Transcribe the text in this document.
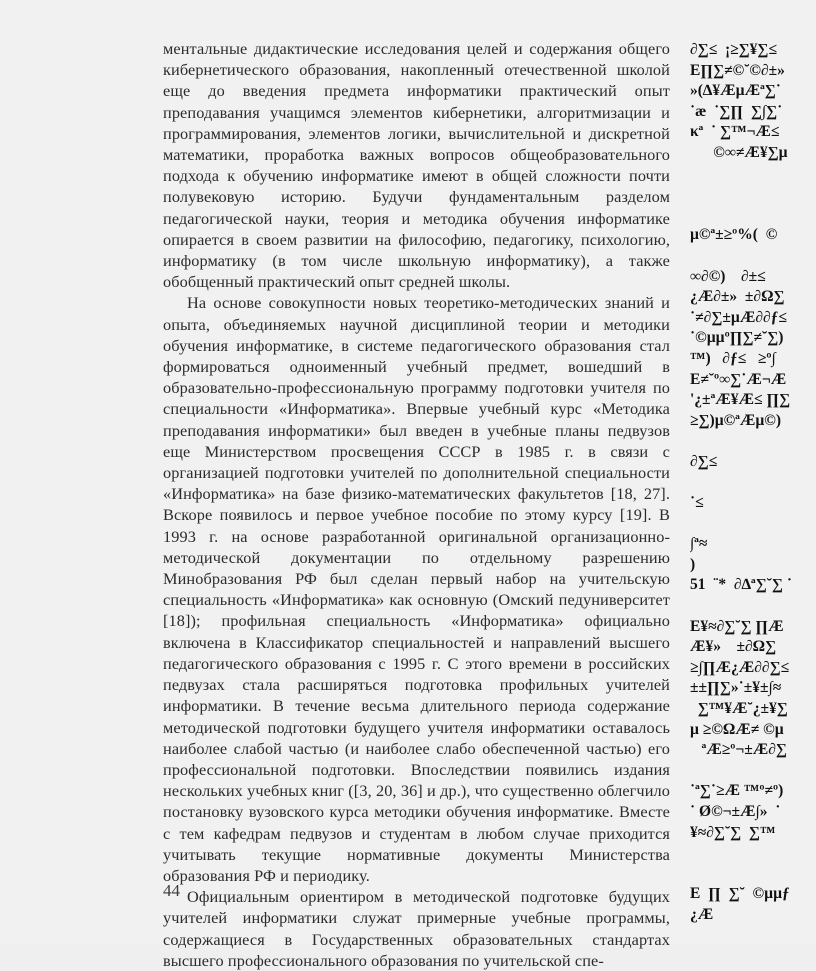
ментальные дидактические исследования целей и содержания общего кибернетического образования, накопленный отечественной школой еще до введения предмета информатики практический опыт преподавания учащимся элементов кибернетики, алгоритмизации и программирования, элементов логики, вычислительной и дискретной математики, проработка важных вопросов общеобразовательного подхода к обучению информатике имеют в общей сложности почти полувековую историю. Будучи фундаментальным разделом педагогической науки, теория и методика обучения информатике опирается в своем развитии на философию, педагогику, психологию, информатику (в том числе школьную информатику), а также обобщенный практический опыт средней школы.

На основе совокупности новых теоретико-методических знаний и опыта, объединяемых научной дисциплиной теории и методики обучения информатике, в системе педагогического образования стал формироваться одноименный учебный предмет, вошедший в образовательно-профессиональную программу подготовки учителя по специальности «Информатика». Впервые учебный курс «Методика преподавания информатики» был введен в учебные планы педвузов еще Министерством просвещения СССР в 1985 г. в связи с организацией подготовки учителей по дополнительной специальности «Информатика» на базе физико-математических факультетов [18, 27]. Вскоре появилось и первое учебное пособие по этому курсу [19]. В 1993 г. на основе разработанной оригинальной организационно-методической документации по отдельному разрешению Минобразования РФ был сделан первый набор на учительскую специальность «Информатика» как основную (Омский педуниверситет [18]); профильная специальность «Информатика» официально включена в Классификатор специальностей и направлений высшего педагогического образования с 1995 г. С этого времени в российских педвузах стала расширяться подготовка профильных учителей информатики. В течение весьма длительного периода содержание методической подготовки будущего учителя информатики оставалось наиболее слабой частью (и наиболее слабо обеспеченной частью) его профессиональной подготовки. Впоследствии появились издания нескольких учебных книг ([3, 20, 36] и др.), что существенно облегчило постановку вузовского курса методики обучения информатике. Вместе с тем кафедрам педвузов и студентам в любом случае приходится учитывать текущие нормативные документы Министерства образования РФ и периодику.

Официальным ориентиром в методической подготовке будущих учителей информатики служат примерные учебные программы, содержащиеся в Государственных образовательных стандартах высшего профессионального образования по учительской спе-

44
∂∑≤  ¡≥∑¥∑≤
E∏∑≠©˘©∂±»
»(∆¥ÆµÆª∑˙
˙æ  ˙∑∏  ∑∫∑˙
κª  ˙ ∑™¬Æ≤
©∞≠Æ¥∑µ
µ©ª±≥º%(  ©
∞∂©)    ∂±≤
¿Æ∂±»  ±∂Ω∑
˙≠∂∑±µÆ∂∂ƒ≤
˙©µµº∏∑≠˘∑)
™)   ∂ƒ≤   ≥º∫
E≠˘º∞∑˙Æ¬Æ
'¿±ªÆ¥Æ≤ ∏∑
≥∑)µ©ªÆµ©)
∂∑≤
˙≤
∫ª≈
)
51  ¨*  ∂∆ª∑˘∑ ˙
E¥≈∂∑˘∑ ∏Æ
Æ¥»    ±∂Ω∑
≥∫∏Æ¿Æ∂∂∑≤
±±∏∑»˙±¥±∫≈
∑™¥Æ˘¿±¥∑
µ ≥©ΩÆ≠ ©µ
ªÆ≥º¬±Æ∂∑
˙ª∑˙≥Æ ™º≠º)
˙ Ø©¬±Æ∫»  ˙
¥≈∂∑˘∑  ∑™
E  ∏  ∑˘  ©µµƒ
¿Æ
